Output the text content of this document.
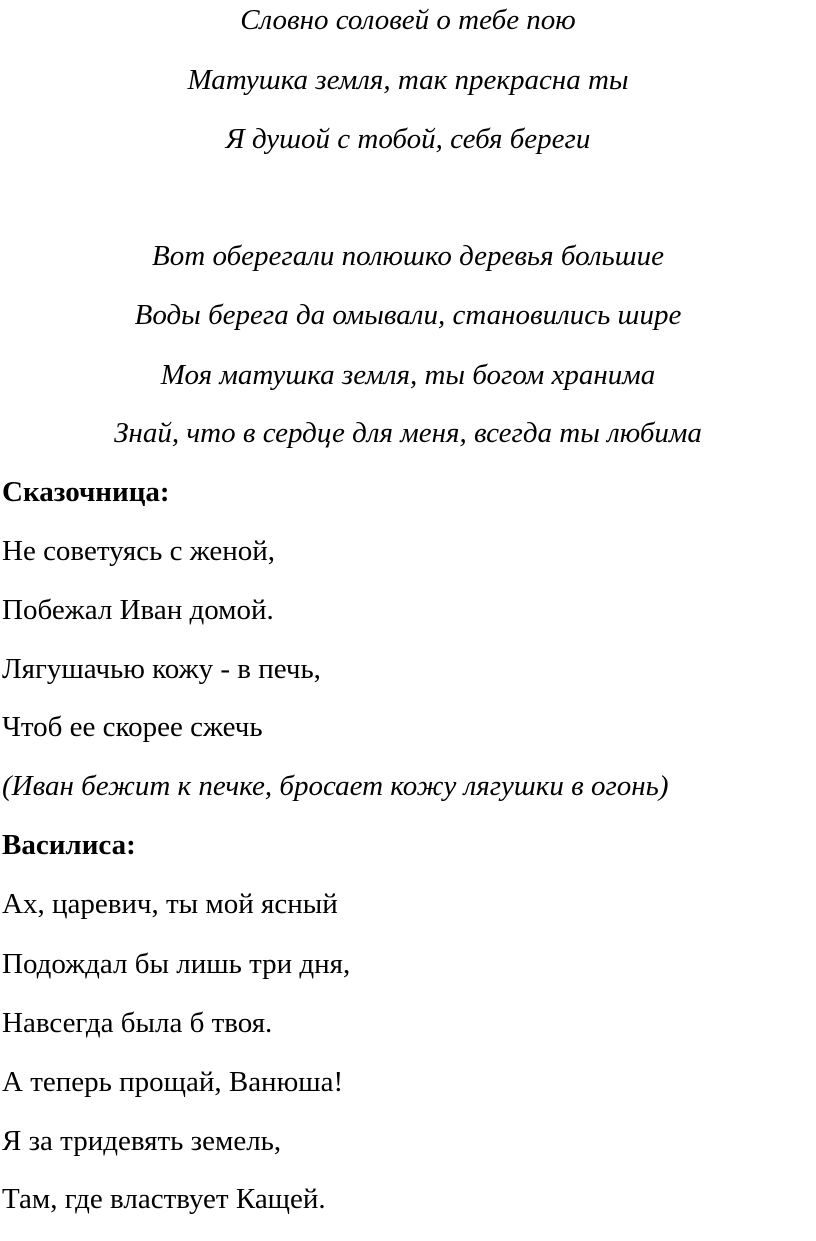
Словно соловей о тебе пою
Матушка земля, так прекрасна ты
Я душой с тобой, себя береги
Вот оберегали полюшко деревья большие
Воды берега да омывали, становились шире
Моя матушка земля, ты богом хранима
Знай, что в сердце для меня, всегда ты любима
Сказочница:
Не советуясь с женой,
Побежал Иван домой.
Лягушачью кожу - в печь,
Чтоб ее скорее сжечь
(Иван бежит к печке, бросает кожу лягушки в огонь)
Василиса:
Ах, царевич, ты мой ясный
Подождал бы лишь три дня,
Навсегда была б твоя.
А теперь прощай, Ванюша!
Я за тридевять земель,
Там, где властвует Кащей.
